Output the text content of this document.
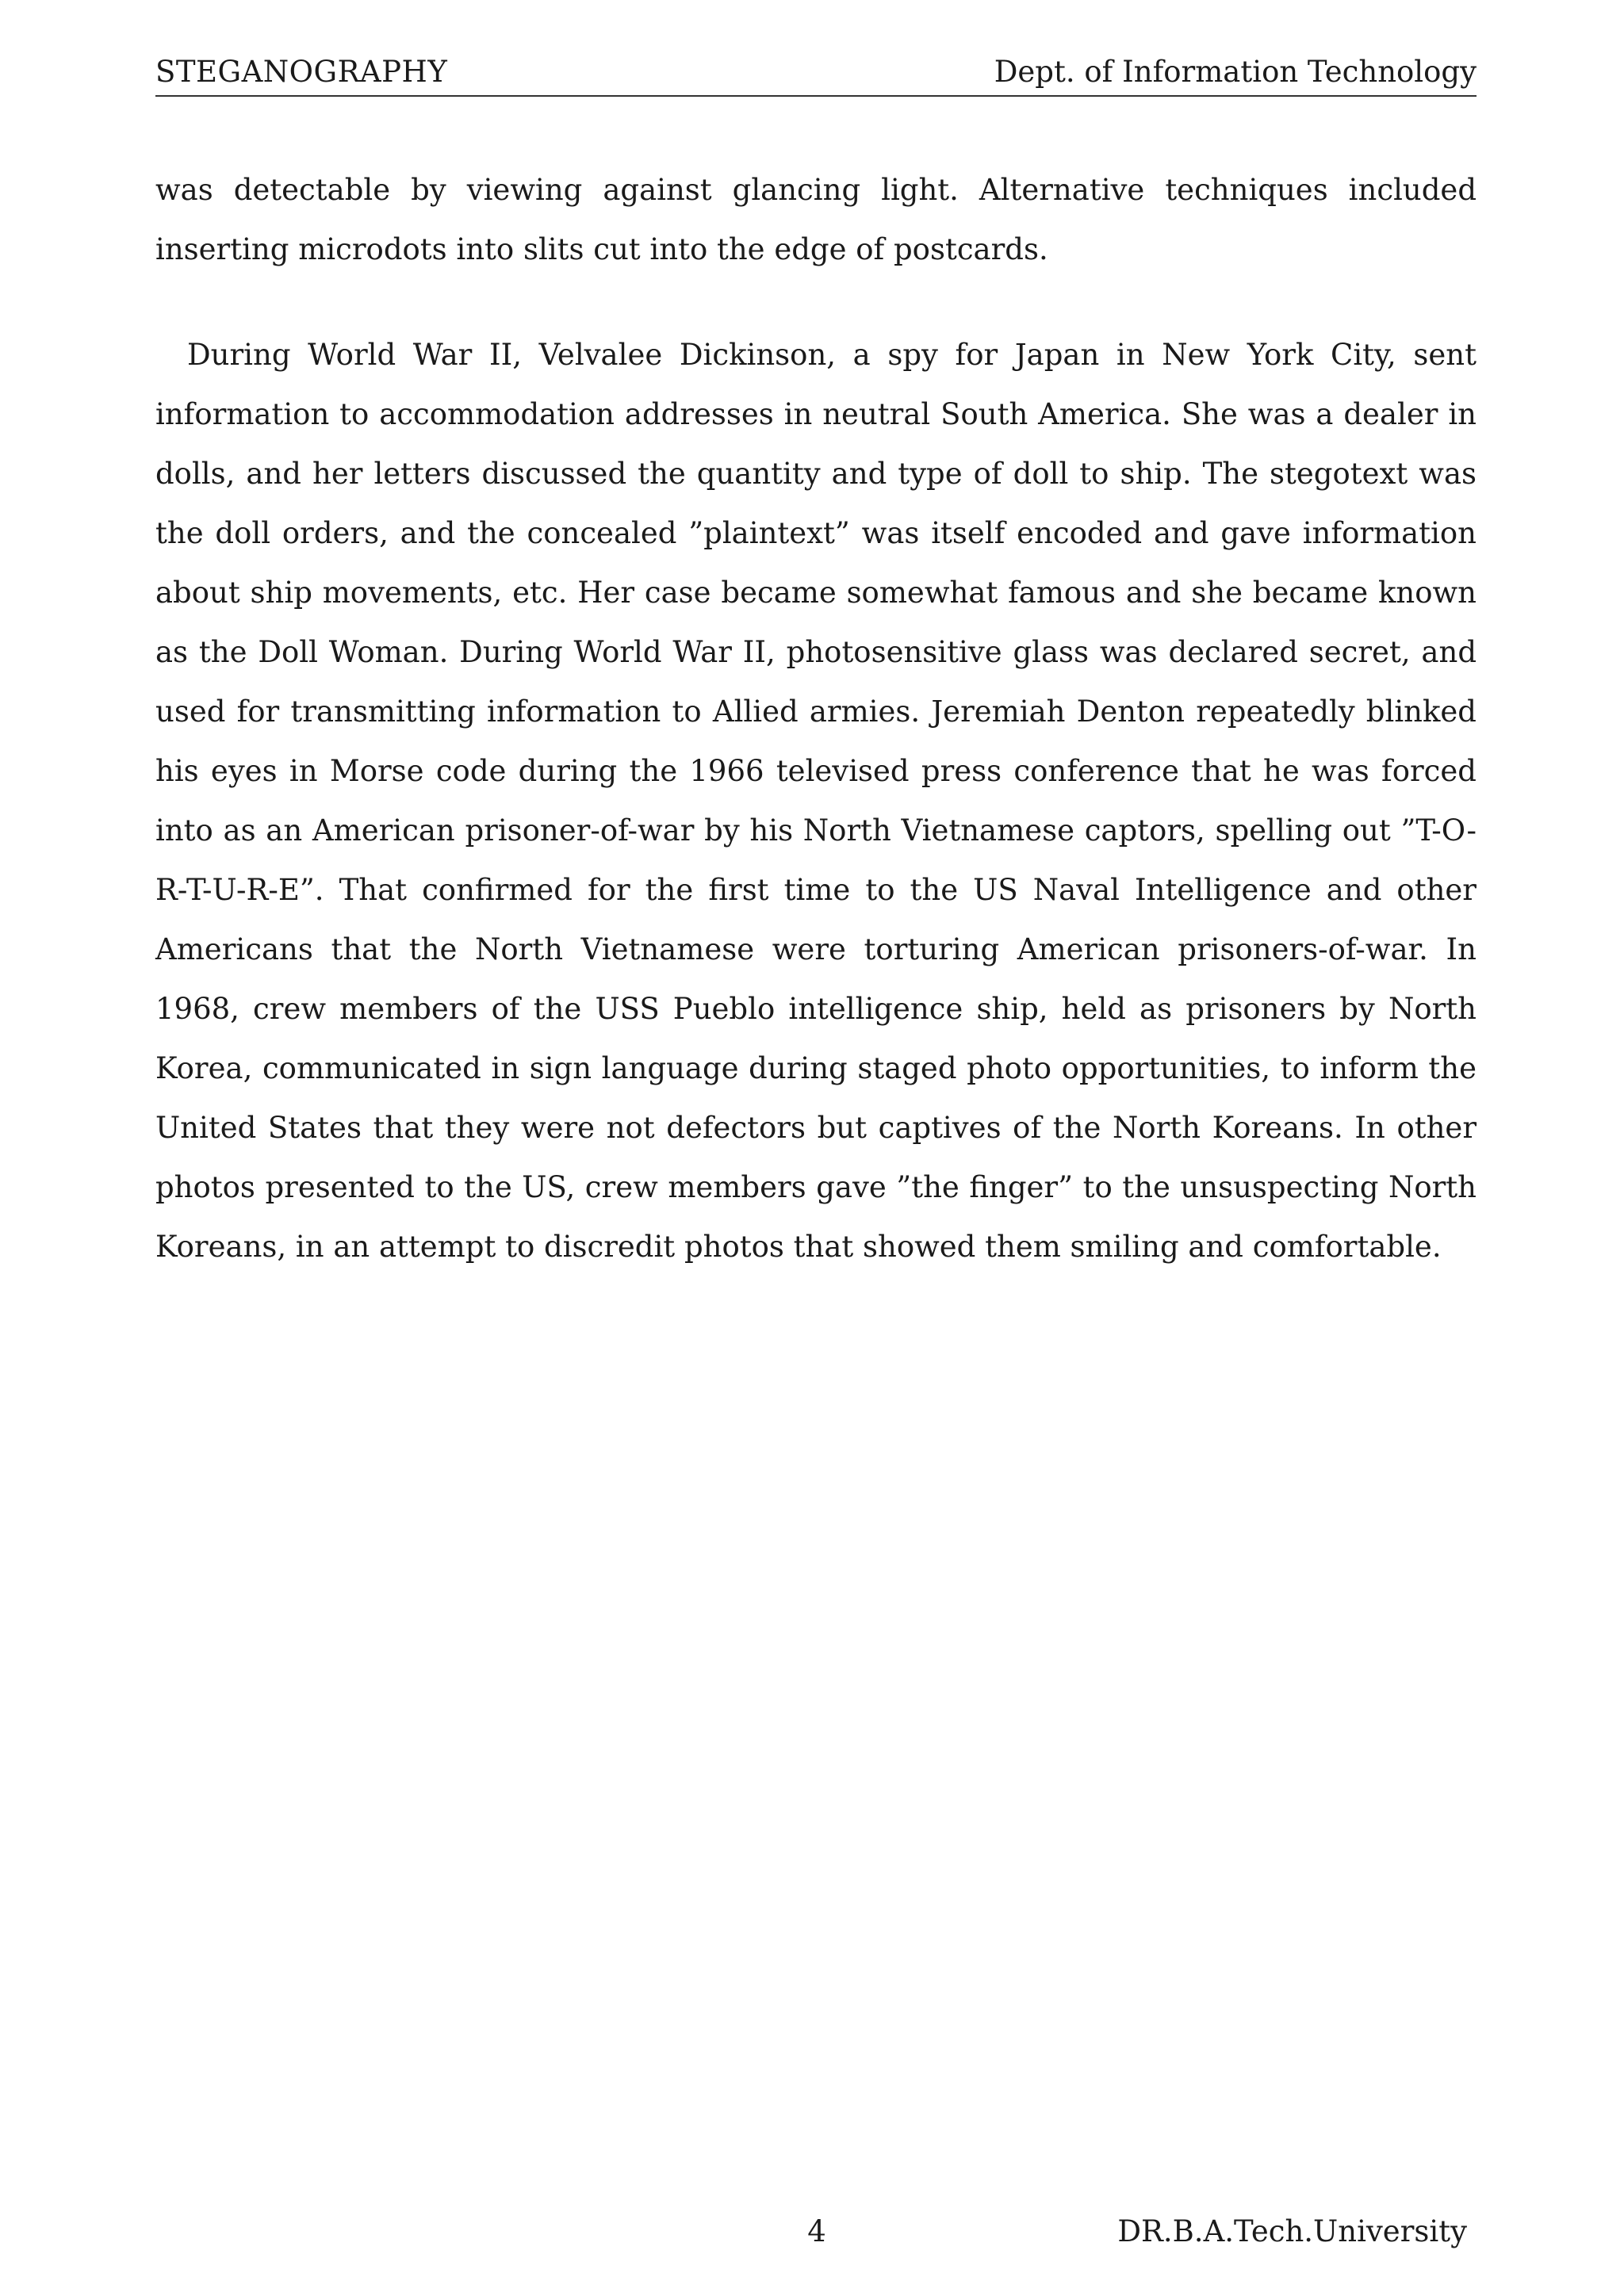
STEGANOGRAPHY	Dept. of Information Technology

was detectable by viewing against glancing light. Alternative techniques included inserting microdots into slits cut into the edge of postcards.

During World War II, Velvalee Dickinson, a spy for Japan in New York City, sent information to accommodation addresses in neutral South America. She was a dealer in dolls, and her letters discussed the quantity and type of doll to ship. The stegotext was the doll orders, and the concealed ”plaintext” was itself encoded and gave information about ship movements, etc. Her case became somewhat famous and she became known as the Doll Woman. During World War II, photosensitive glass was declared secret, and used for transmitting information to Allied armies. Jeremiah Denton repeatedly blinked his eyes in Morse code during the 1966 televised press conference that he was forced into as an American prisoner-of-war by his North Vietnamese captors, spelling out ”T-O-R-T-U-R-E”. That confirmed for the first time to the US Naval Intelligence and other Americans that the North Vietnamese were torturing American prisoners-of-war. In 1968, crew members of the USS Pueblo intelligence ship, held as prisoners by North Korea, communicated in sign language during staged photo opportunities, to inform the United States that they were not defectors but captives of the North Koreans. In other photos presented to the US, crew members gave ”the finger” to the unsuspecting North Koreans, in an attempt to discredit photos that showed them smiling and comfortable.

4	DR.B.A.Tech.University
